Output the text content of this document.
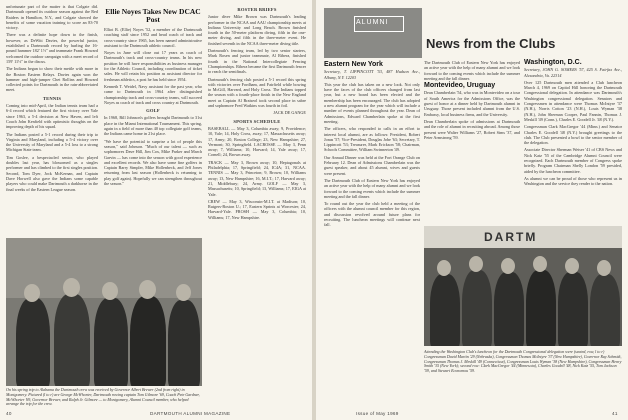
unfortunate part of the matter is that Colgate did. Dartmouth opened its outdoor season against the Red Raiders in Hamilton, N.Y., and Colgate showed the benefits of some vacation training to score an 83-70 victory.

There was a definite hope down to the finish, however, as DeWitt Davies, the powerful junior, established a Dartmouth record by hurling the 16-pound hammer 182' 1½" and teammate Frank Howard welcomed the outdoor campaign with a meet record of 159' 11½" in the discus.

The Indians began to show their mettle with more in the Boston Eastern Relays. Davies again won the hammer and high-jumper Chet Rollins and Howard collected points for Dartmouth in the rain-abbreviated meet.

TENNIS

Coming into mid-April, the Indian tennis team had a 6-4 record which featured the first victory over Yale since 1963, a 5-4 decision at New Haven, and left Coach John Kenfield with optimistic thoughts on the improving depth of his squad.

The Indians posted a 5-1 record during their trip to Virginia and Maryland, including a 5-4 victory over the University of Maryland and a 5-4 loss to a strong Michigan State team.

Tim Goslee, a bespectacled senior, who played doubles last year, has blossomed as a singles performer and has climbed to the first singles position. Second, Tom Dyer, Jock McKernan, and Captain Dave Horwell also gave the Indians some capable players who could make Dartmouth a darkhorse in the final weeks of the Eastern League season.

Ellie Noyes Takes New DCAC Post

Elliot B. (Ellie) Noyes '52, a member of the Dartmouth coaching staff since 1952 and head coach of track and cross-country since 1965, has been named administrative assistant to the Dartmouth athletic council.

Noyes in June will close out 17 years as coach of Dartmouth's track and cross-country teams. In his new position he will have responsibilities as business manager for the Athletic Council, including coordination of ticket sales. He will retain his position as assistant director for freshman athletics, a post he has held since 1954.

Kenneth T. Weidel, Navy assistant for the past year, who came to Dartmouth in 1964 after distinguished championship track and cross-country teams, will succeed Noyes as coach of track and cross country at Dartmouth.

GOLF

In 1968, Bill Johnson's golfers brought Dartmouth to 31st place in the Miami International Tournament. This spring, again in a field of more than 40 top collegiate golf teams, the Indians came home in 21st place.

"We have the potential to surprise a lot of people this season," said Johnson. "Much of our talent — such as sophomores Dave Hill, Jim Cox, Mike Parker and March Garvin — has come into the season with good experience and excellent records. We also have some fine golfers in Captain Barry Simpler, Mike Hollenbeck, and Jeff Jones returning from last season (Hollenbeck is returning to play golf again). Hopefully we can strengthen throughout the season."

ROSTER BRIEFS

Junior diver Mike Brown was Dartmouth's leading performer in the NCAA and AAU championship meets at Indiana University and Long Beach. Brown finished fourth in the 50-meter platform diving, fifth in the one-meter diving, and fifth in the three-meter event. He finished seventh in the NCAA three-meter diving title.

Dartmouth's fencing team, led by two senior starters, Mark Rosen and junior teammate, Al Ribera, finished fourth in the National Intercollegiate Fencing Championships. Ribera became the first Dartmouth fencer to reach the semifinals.

Dartmouth's fencing club posted a 5-1 record this spring with victories over Fordham, and Fairfield while bowing to McGill, Harvard, and Holy Cross. The Indians topped the season with a fourth-place finish in the New England meet as Captain Al Braiseol took second place in sabre and sophomore Fred Watkins was fourth in foil.

JACK DE GANGE

SPORTS SCHEDULE

BASEBALL — May 3, Columbia away; 9, Providence; 10, Yale; 14, Holy Cross, away; 17, Massachusetts away; 17, Army; 20, Boston College; 23, New Hampshire; 27, Vermont; 30, Springfield. LACROSSE — May 3, Penn away; 7, Williams; 10, Harvard; 14, Yale away; 17, Cornell; 24, Brown away.

TRACK — May 3, Brown away; 10, Heptagonals at Philadelphia; 17, Springfield; 24, IC4A; 31, NCAA. TENNIS — May 3, Princeton; 9, Brown; 10, Williams away; 13, New Hampshire; 16, M.I.T.; 17, Harvard away; 21, Middlebury; 24, Army. GOLF — May 3, Massachusetts; 10, Springfield; 13, Williams; 17, EIGA at Yale.

CREW — May 3, Wisconsin-M.I.T. at Madison; 10, Rutgers-Boston U.; 17, Eastern Sprints at Worcester; 24, Harvard-Yale. FROSH — May 3, Columbia; 10, Williams; 17, New Hampshire.

On his spring trip to Alabama the Dartmouth crew was received by Governor Albert Brewer (2nd from right) in Montgomery. Pictured (l to r) are George McWhorter, Dartmouth rowing captain Tom Gilmore '69, Coach Pete Gardner, McWhorter '69, Governor Brewer, and Ralph Jr. Gilmore — to Montgomery, Alumni Council member, who helped arrange the trip for the crew.
40	DARTMOUTH ALUMNI MAGAZINE
ALUMNI
News from the Clubs
Eastern New York

Secretary, T. LIPPINCOTT '53, 487 Hudson Ave., Albany, N.Y. 12203

This year the club has taken on a new look. Not only have the faces of the club officers changed from last year, but a new board has been elected and the membership has been encouraged. The club has adopted a new alumni program for the year which will include a number of events planned throughout the year. Dean of Admissions, Edward Chamberlain spoke at the first meeting.

The officers, who responded to calls in an effort to interest local alumni, are as follows: President, Robert Jonas '57; Vice-President, Douglas Jobe '63; Secretary, T. Lippincott '53; Treasurer, Mark Erickson '58; Chairman, Schools Committee, William Swinnerton '49.

Our Annual Dinner was held at the Fort Orange Club on February 12. Dean of Admissions Chamberlain was the guest speaker, and about 45 alumni, wives and guests were present.

The Dartmouth Club of Eastern New York has enjoyed an active year with the help of many alumni and we look forward to the coming events which include the summer meeting and the fall dinner.

To round out the year the club held a meeting of the officers with the alumni council member for this region, and discussion revolved around future plans for recruiting. The luncheon meetings will continue next fall.

The Dartmouth Club of Eastern New York has enjoyed an active year with the help of many alumni and we look forward to the coming events which include the summer meeting and the fall dinner.

Montevideo, Uruguay

Dean Chamberlain '54, who was in Montevideo on a tour of South America for the Admissions Office, was the guest of honor at a dinner held by Dartmouth alumni in Uruguay. Those present included alumni from the U.S. Embassy, local business firms, and the University.

Dean Chamberlain spoke of admissions at Dartmouth and the role of alumni in recruiting abroad. Among those present were Walter Williams '27, Robert Sims '37, and Peter Armstrong '59.

Washington, D.C.

Secretary, JOHN G. SOMERS '57, 425 S. Fairfax Ave., Alexandria, Va. 22314

Over 125 Dartmouth men attended a Club luncheon March 4, 1969 on Capitol Hill honoring the Dartmouth Congressional delegation. In attendance was Dartmouth's Washington congressional delegation. Senators and Congressmen in attendance were Thomas McIntyre '37 (N.H.), Norris Cotton '23 (N.H.), Louis Wyman '38 (N.H.), John Sherman Cooper, Paul Fannin, Thomas J. Meskill '49 (Conn.), Charles E. Goodell Jr. '48 (N.Y.).

Congressman Clark MacGregor '44 (Minn.) and Senator Charles E. Goodell '48 (N.Y.) brought greetings to the club. The Club presented a bowl to the senior member of the delegation.

Associate Director Sherman Weiser '41 of CBS News and Nick Katz '55 of the Cambridge Alumni Council were recognized. Each Dartmouth member of Congress spoke briefly. Program Chairman Shelly London '59 presided, aided by the luncheon committee.

As alumni we can be proud of those who represent us in Washington and the service they render to the nation.

DARTM
Attending the Washington Club's luncheon for the Dartmouth Congressional delegation were (seated, row, l to r) Congressman David Martin '29 (Nebraska), Congressman Thomas McIntyre '37 (New Hampshire), Governor Ray Schmidt, Congressman Thomas J. Meskill '49 (Connecticut), Congressman Louis Wyman '38 (New Hampshire), Congressman Henry Smith '35 (New York); second row: Clark MacGregor '44 (Minnesota), Charles Goodell '48, Nick Katz '55, Tom Jackson '59, and Stewart Economou '59.
Issue of May 1969	41
